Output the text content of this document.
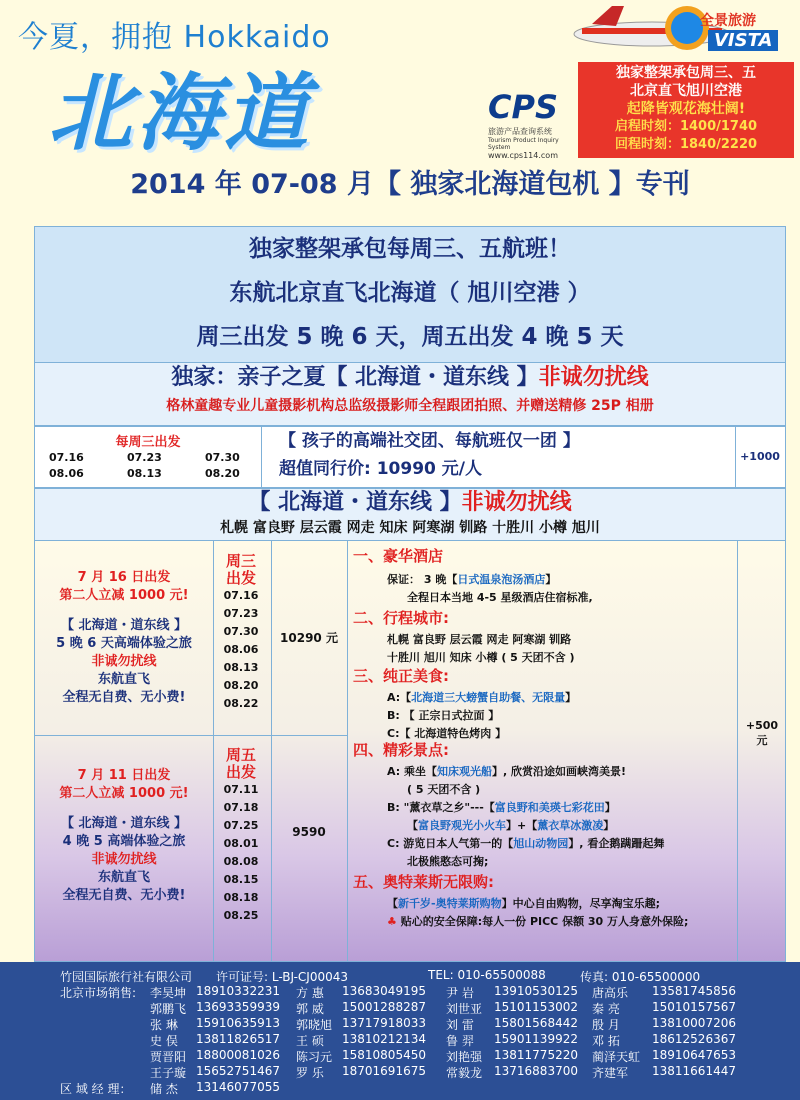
今夏，拥抱 Hokkaido
北海道
全景旅游
VISTA
独家整架承包周三、五
北京直飞旭川空港
起降皆观花海壮阔!
启程时刻：1400/1740
回程时刻：1840/2220
CPS
旅游产品查询系统
Tourism Product Inquiry System
www.cps114.com
2014 年 07-08 月【 独家北海道包机 】专刊
独家整架承包每周三、五航班！
东航北京直飞北海道（ 旭川空港 ）
周三出发 5 晚 6 天，周五出发 4 晚 5 天
独家：亲子之夏【 北海道・道东线 】非诚勿扰线
格林童趣专业儿童摄影机构总监级摄影师全程跟团拍照、并赠送精修 25P 相册
每周三出发
07.16	07.23	07.30
08.06	08.13	08.20
【 孩子的高端社交团、每航班仅一团 】
超值同行价: 10990 元/人
+1000
【 北海道・道东线 】非诚勿扰线
札幌 富良野 层云霞 网走 知床 阿寒湖 钏路 十胜川 小樽 旭川
7 月 16 日出发
第二人立减 1000 元!
【 北海道・道东线 】
5 晚 6 天高端体验之旅
非诚勿扰线
东航直飞
全程无自费、无小费!
周三
出发
07.16
07.23
07.30
08.06
08.13
08.20
08.22
10290 元
7 月 11 日出发
第二人立减 1000 元!
【 北海道・道东线 】
4 晚 5 高端体验之旅
非诚勿扰线
东航直飞
全程无自费、无小费!
周五
出发
07.11
07.18
07.25
08.01
08.08
08.15
08.18
08.25
9590
一、豪华酒店
保证： 3 晚【日式温泉泡汤酒店】
全程日本当地 4-5 星级酒店住宿标准,
二、行程城市:
札幌 富良野 层云霞 网走 阿寒湖 钏路
十胜川 旭川 知床 小樽 ( 5 天团不含 )
三、纯正美食:
A:【北海道三大螃蟹自助餐、无限量】
B: 【 正宗日式拉面 】
C:【 北海道特色烤肉 】
四、精彩景点:
A: 乘坐【知床观光船】, 欣赏沿途如画峡湾美景!
( 5 天团不含 )
B: "薰衣草之乡"---【富良野和美瑛七彩花田】
【富良野观光小火车】+【薰衣草冰激凌】
C: 游览日本人气第一的【旭山动物园】, 看企鹅蹒跚起舞
北极熊憨态可掬;
五、奥特莱斯无限购:
【新千岁-奥特莱斯购物】中心自由购物，尽享淘宝乐趣;
♣ 贴心的安全保障:每人一份 PICC 保额 30 万人身意外保险;
+500
元
竹园国际旅行社有限公司 许可证号: L-BJ-CJ00043	TEL: 010-65500088	传真: 010-65500000
北京市场销售: 李昊坤 18910332231 方 惠 13683049195 尹 岩 13910530125 唐高乐 13581745856
郭鹏飞 13693359939 郭 威 15001288287 刘世亚 15101153002 秦 亮	15010157567
张 琳 15910635913 郭晓旭 13717918033 刘 雷 15801568442 殷 月	13810007206
史 俣 13811826517 王 硕 13810212134 鲁 羿 15901139922 邓 拓	18612526367
贾晋阳 18800081026 陈习元 15810805450 刘艳强 13811775220 蔺泽天虹 18910647653
王子璇 15652751467 罗 乐 18701691675 常毅龙 13716883700 齐建军 13811661447
区 域 经 理： 储 杰 13146077055
